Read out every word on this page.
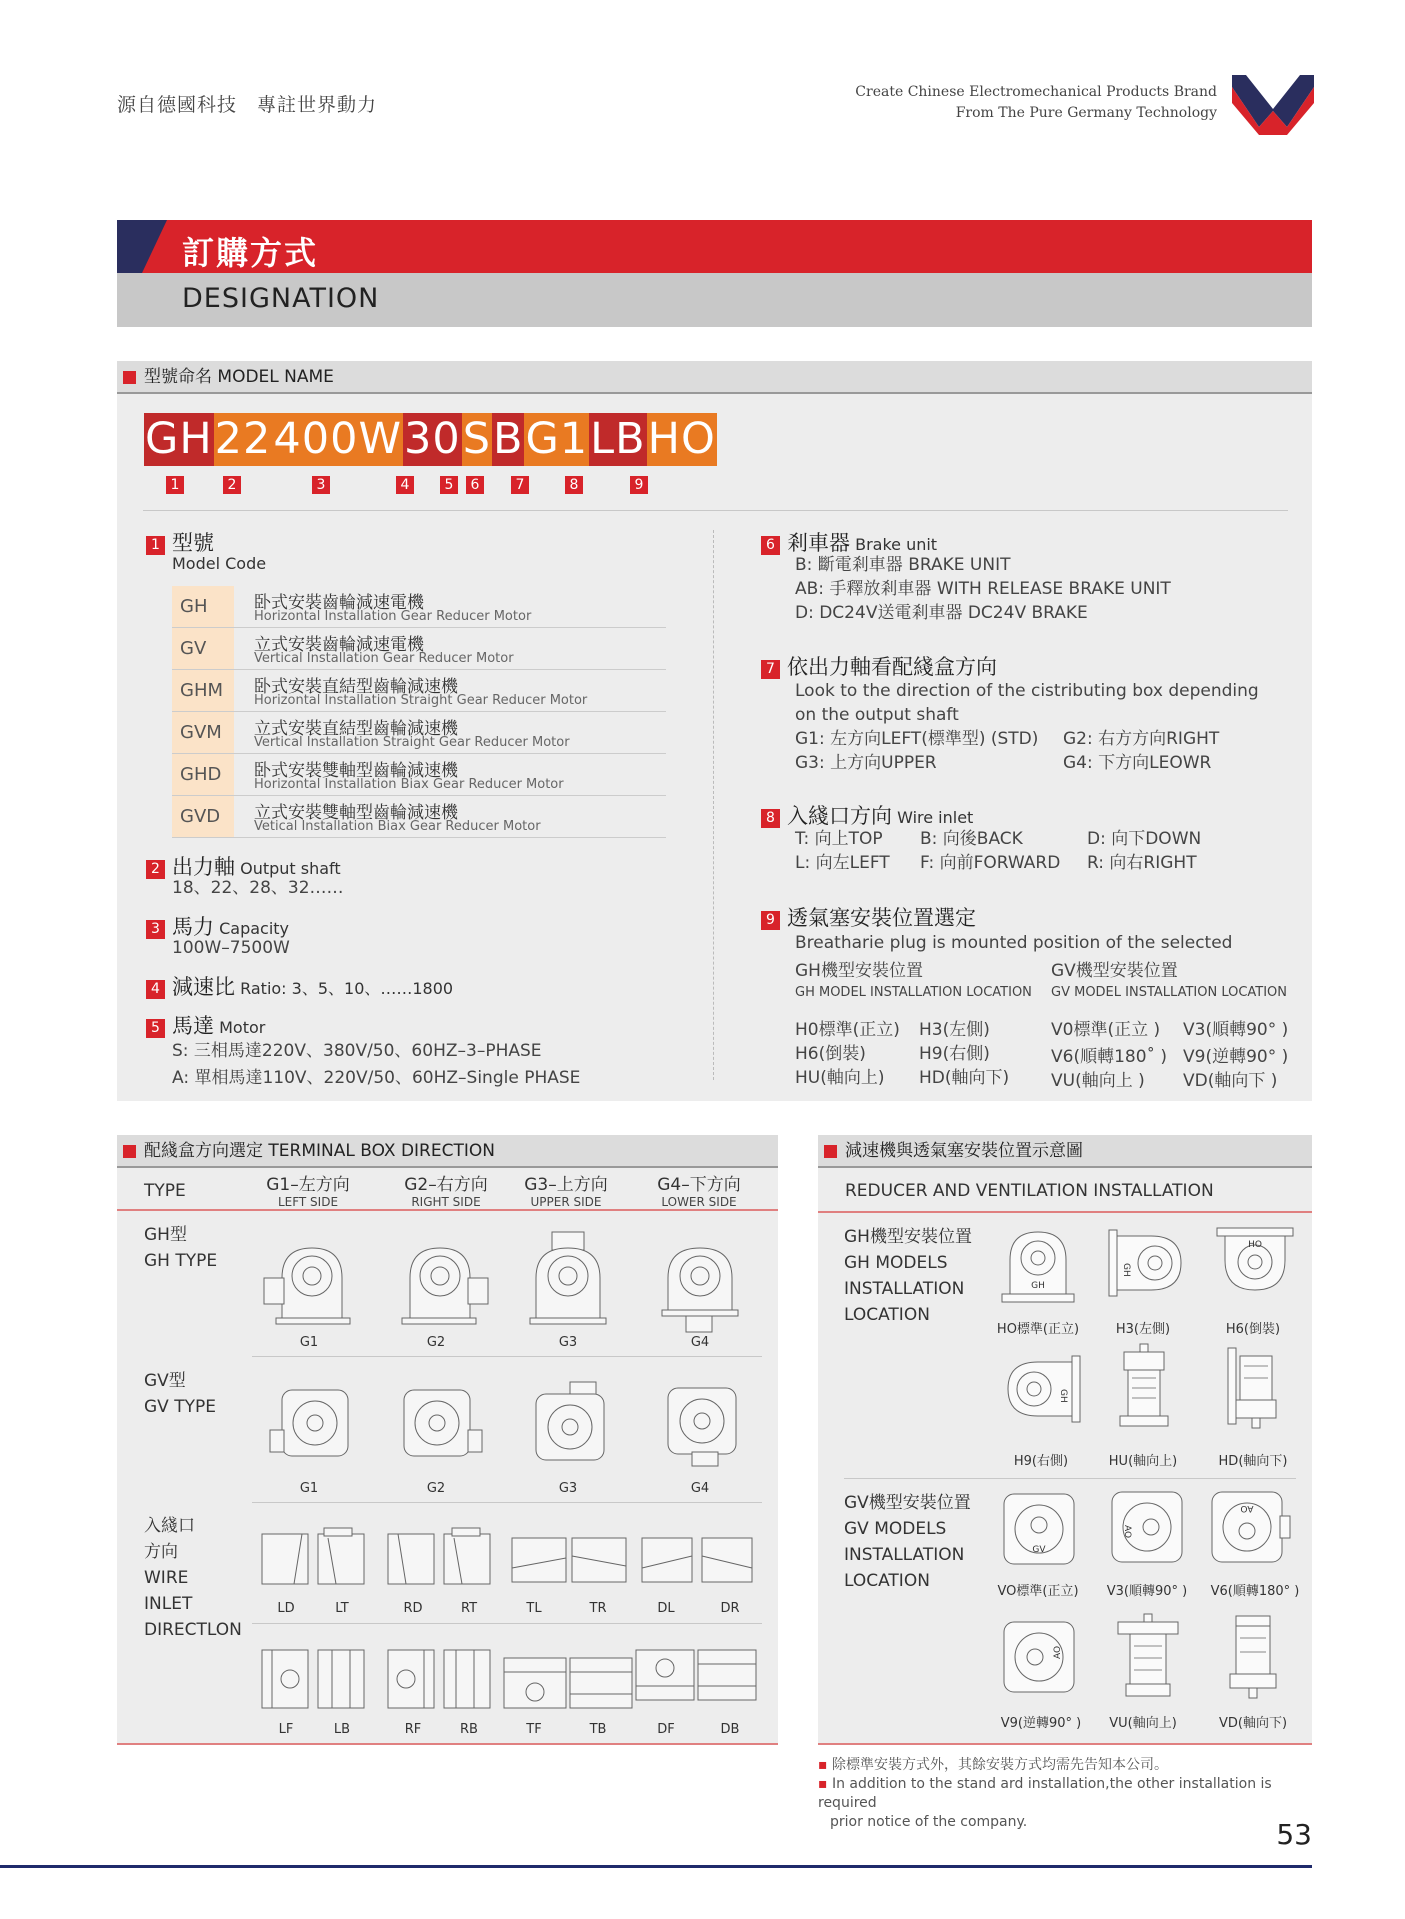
源自德國科技　專註世界動力
Create Chinese Electromechanical Products Brand
From The Pure Germany Technology
訂購方式
DESIGNATION
型號命名 MODEL NAME
GH 22 400W 30 S B G1 LB HO
1	2	3	4	5	6	7	8	9
1 型號
Model Code
GH	卧式安裝齒輪減速電機
Horizontal Installation Gear Reducer Motor
GV	立式安裝齒輪減速電機
Vertical Installation Gear Reducer Motor
GHM	卧式安裝直結型齒輪減速機
Horizontal Installation Straight Gear Reducer Motor
GVM	立式安裝直結型齒輪減速機
Vertical Installation Straight Gear Reducer Motor
GHD	卧式安裝雙軸型齒輪減速機
Horizontal Installation Biax Gear Reducer Motor
GVD	立式安裝雙軸型齒輪減速機
Vetical Installation Biax Gear Reducer Motor
2 出力軸 Output shaft
18、22、28、32……
3 馬力 Capacity
100W–7500W
4 減速比 Ratio: 3、5、10、……1800
5 馬達 Motor
S: 三相馬達220V、380V/50、60HZ–3–PHASE
A: 單相馬達110V、220V/50、60HZ–Single PHASE
6 剎車器 Brake unit
B: 斷電剎車器 BRAKE UNIT
AB: 手釋放剎車器 WITH RELEASE BRAKE UNIT
D: DC24V送電剎車器 DC24V BRAKE
7 依出力軸看配綫盒方向
Look to the direction of the cistributing box depending
on the output shaft
G1: 左方向LEFT(標準型) (STD) G2: 右方方向RIGHT
G3: 上方向UPPER	G4: 下方向LEOWR
8 入綫口方向 Wire inlet
T: 向上TOP B: 向後BACK	D: 向下DOWN
L: 向左LEFT F: 向前FORWARD R: 向右RIGHT
9 透氣塞安裝位置選定
Breatharie plug is mounted position of the selected
GH機型安裝位置
GH MODEL INSTALLATION LOCATION
GV機型安裝位置
GV MODEL INSTALLATION LOCATION
H0標準(正立) H3(左側)
H6(倒裝)	H9(右側)
HU(軸向上) HD(軸向下)
V0標準(正立 ) V3(順轉90° )
V6(順轉180˚ ) V9(逆轉90° )
VU(軸向上 ) VD(軸向下 )
配綫盒方向選定 TERMINAL BOX DIRECTION
TYPE	G1–左方向
LEFT SIDE
G2–右方向
RIGHT SIDE
G3–上方向
UPPER SIDE
G4–下方向
LOWER SIDE
GH型
GH TYPE
G1	G2	G3	G4
GV型
GV TYPE
G1	G2	G3	G4
入綫口
方向
WIRE
INLET
DIRECTLON
LD	LT	RD	RT	TL	TR	DL	DR
LF	LB	RF	RB	TF	TB	DF	DB
減速機與透氣塞安裝位置示意圖
REDUCER AND VENTILATION INSTALLATION
GH機型安裝位置
GH MODELS
INSTALLATION
LOCATION
GH
GH
HO
HO標準(正立)	H3(左側)	H6(倒裝)
GH
H9(右側)	HU(軸向上)	HD(軸向下)
GV機型安裝位置
GV MODELS
INSTALLATION
LOCATION
GV
AO
AO
VO標準(正立)	V3(順轉90° )	V6(順轉180° )
AO
V9(逆轉90° )	VU(軸向上)	VD(軸向下)
▪ 除標準安裝方式外，其餘安裝方式均需先告知本公司。
▪ In addition to the stand ard installation,the other installation is required
prior notice of the company.	53
